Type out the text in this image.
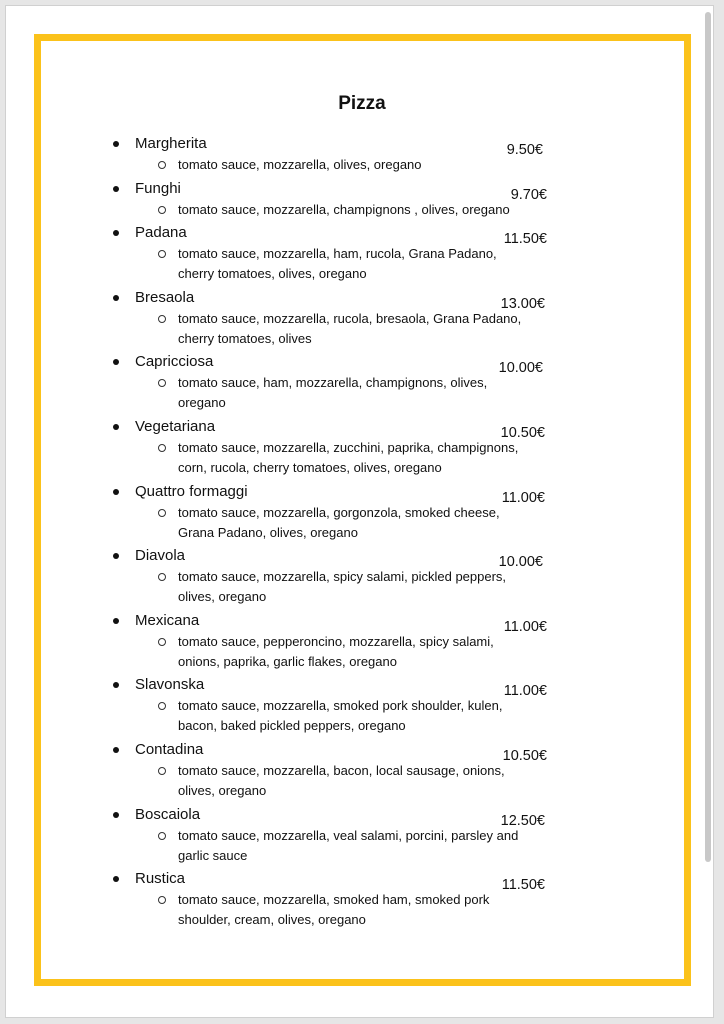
Pizza
Margherita	9.50€
tomato sauce, mozzarella, olives, oregano
Funghi	9.70€
tomato sauce, mozzarella, champignons , olives, oregano
Padana	11.50€
tomato sauce, mozzarella, ham, rucola, Grana Padano, cherry tomatoes, olives, oregano
Bresaola	13.00€
tomato sauce, mozzarella, rucola, bresaola, Grana Padano, cherry tomatoes, olives
Capricciosa	10.00€
tomato sauce, ham, mozzarella, champignons, olives, oregano
Vegetariana	10.50€
tomato sauce, mozzarella, zucchini, paprika, champignons, corn, rucola, cherry tomatoes, olives, oregano
Quattro formaggi	11.00€
tomato sauce, mozzarella, gorgonzola, smoked cheese, Grana Padano, olives, oregano
Diavola	10.00€
tomato sauce, mozzarella, spicy salami, pickled peppers, olives, oregano
Mexicana	11.00€
tomato sauce, pepperoncino, mozzarella, spicy salami, onions, paprika, garlic flakes, oregano
Slavonska	11.00€
tomato sauce, mozzarella, smoked pork shoulder, kulen, bacon, baked pickled peppers, oregano
Contadina	10.50€
tomato sauce, mozzarella, bacon, local sausage, onions, olives, oregano
Boscaiola	12.50€
tomato sauce, mozzarella, veal salami, porcini, parsley and garlic sauce
Rustica	11.50€
tomato sauce, mozzarella, smoked ham, smoked pork shoulder, cream, olives, oregano
